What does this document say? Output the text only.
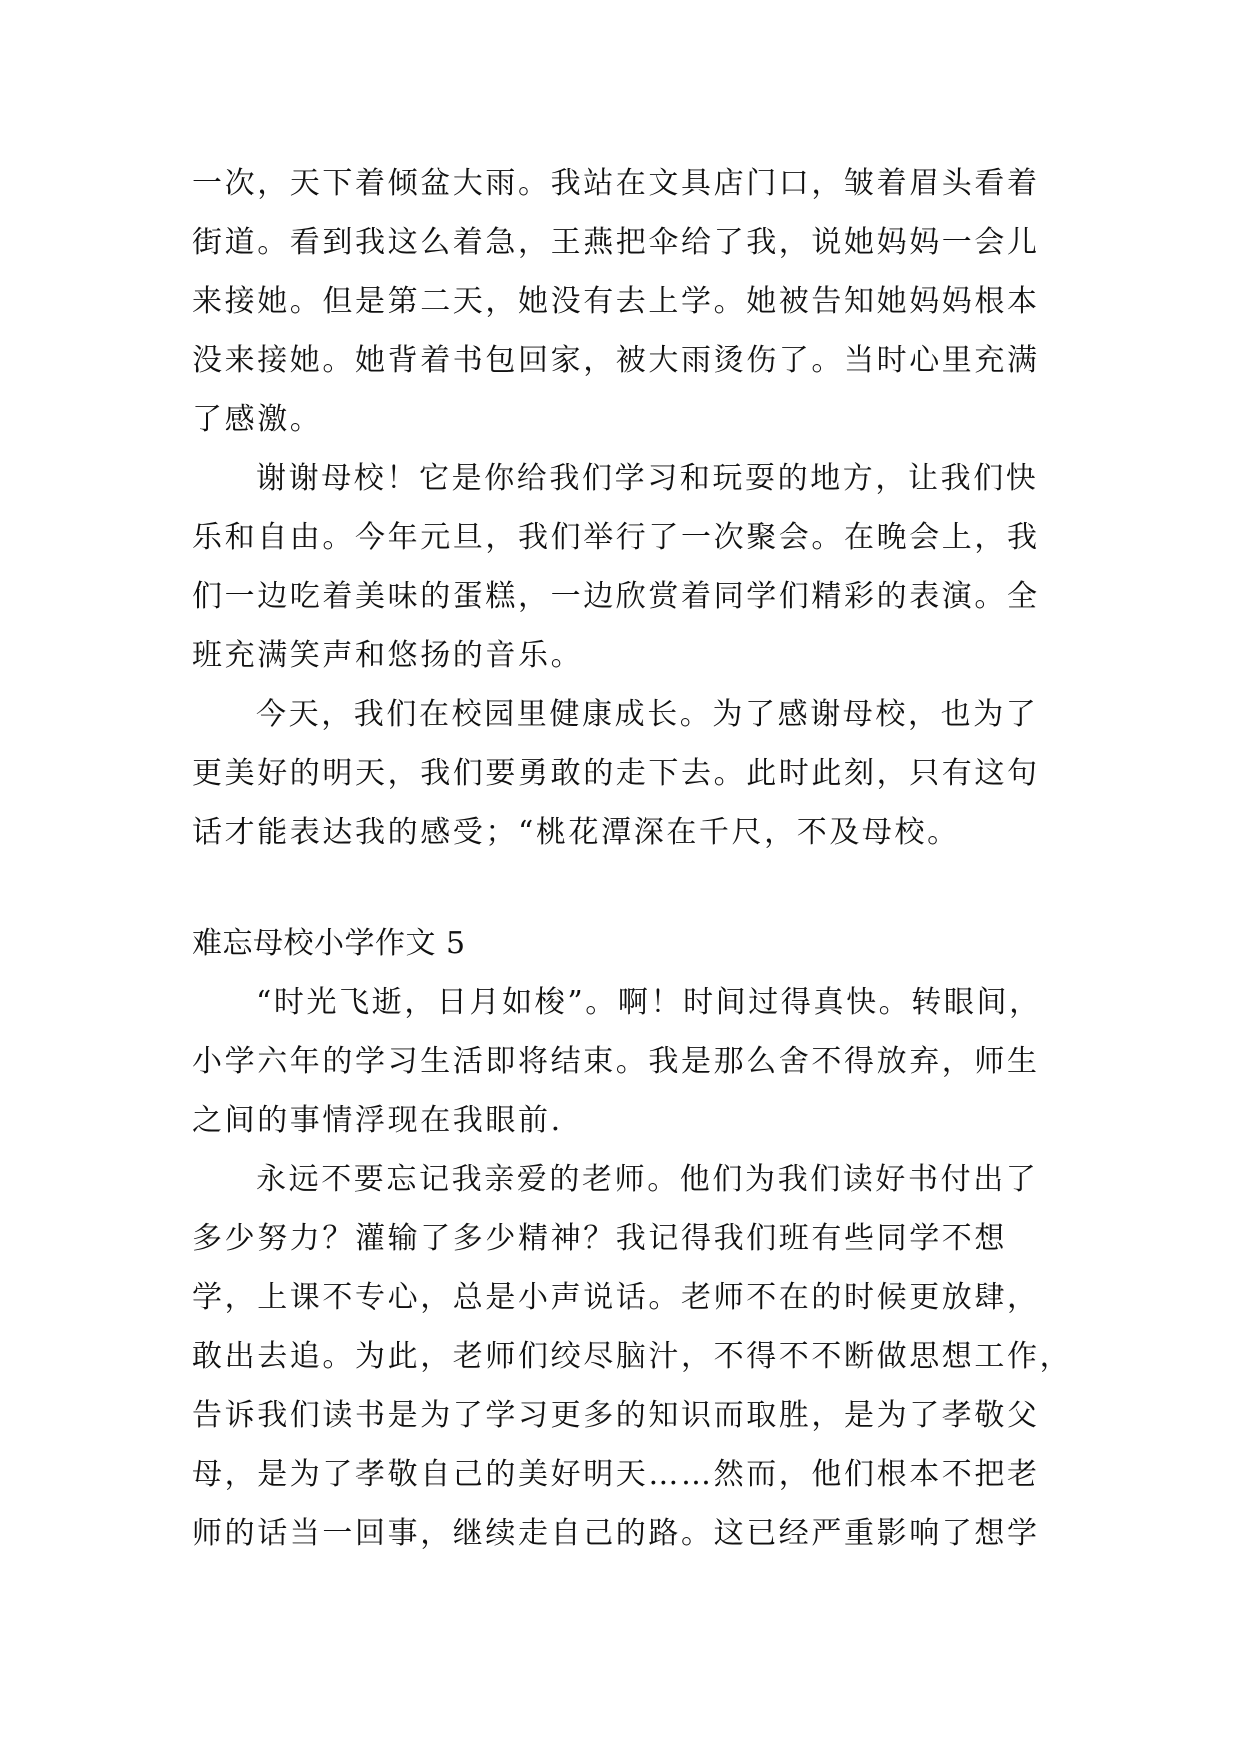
一次，天下着倾盆大雨。我站在文具店门口，皱着眉头看着
街道。看到我这么着急，王燕把伞给了我，说她妈妈一会儿
来接她。但是第二天，她没有去上学。她被告知她妈妈根本
没来接她。她背着书包回家，被大雨烫伤了。当时心里充满
了感激。
谢谢母校！它是你给我们学习和玩耍的地方，让我们快
乐和自由。今年元旦，我们举行了一次聚会。在晚会上，我
们一边吃着美味的蛋糕，一边欣赏着同学们精彩的表演。全
班充满笑声和悠扬的音乐。
今天，我们在校园里健康成长。为了感谢母校，也为了
更美好的明天，我们要勇敢的走下去。此时此刻，只有这句
话才能表达我的感受；“桃花潭深在千尺，不及母校。
难忘母校小学作文 5
“时光飞逝，日月如梭”。啊！时间过得真快。转眼间，
小学六年的学习生活即将结束。我是那么舍不得放弃，师生
之间的事情浮现在我眼前.
永远不要忘记我亲爱的老师。他们为我们读好书付出了
多少努力？灌输了多少精神？我记得我们班有些同学不想
学，上课不专心，总是小声说话。老师不在的时候更放肆，
敢出去追。为此，老师们绞尽脑汁，不得不不断做思想工作，
告诉我们读书是为了学习更多的知识而取胜，是为了孝敬父
母，是为了孝敬自己的美好明天……然而，他们根本不把老
师的话当一回事，继续走自己的路。这已经严重影响了想学
